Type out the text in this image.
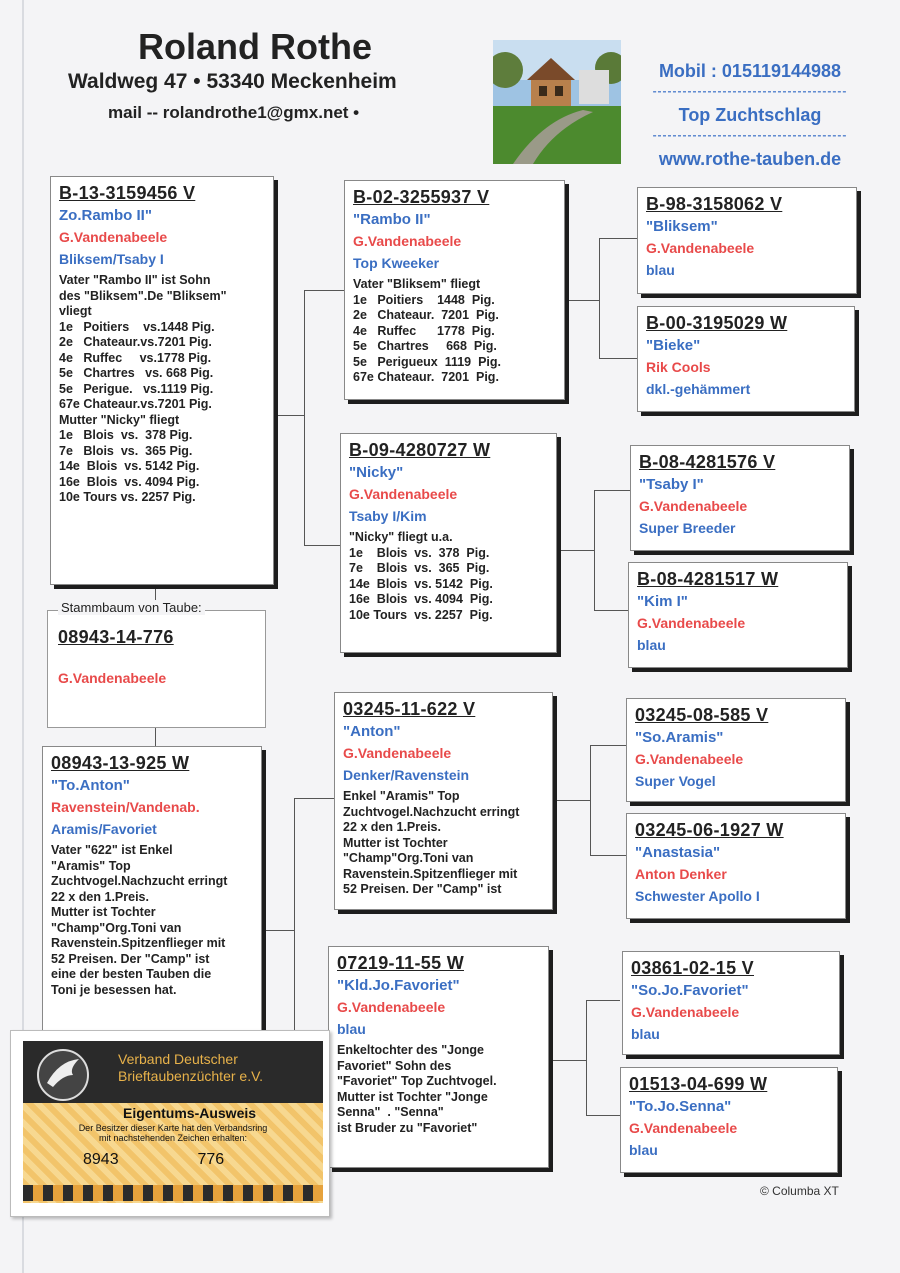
Roland Rothe
Waldweg 47 • 53340 Meckenheim
mail -- rolandrothe1@gmx.net •
Mobil : 015119144988
---------------------------------------
Top Zuchtschlag
---------------------------------------
www.rothe-tauben.de
B-13-3159456 V
Zo.Rambo II"
G.Vandenabeele
Bliksem/Tsaby I
Vater "Rambo II" ist Sohn
des "Bliksem".De "Bliksem"
vliegt
1e   Poitiers    vs.1448 Pig.
2e   Chateaur.vs.7201 Pig.
4e   Ruffec     vs.1778 Pig.
5e   Chartres   vs. 668 Pig.
5e   Perigue.   vs.1119 Pig.
67e Chateaur.vs.7201 Pig.
Mutter "Nicky" fliegt
1e   Blois  vs.  378 Pig.
7e   Blois  vs.  365 Pig.
14e  Blois  vs. 5142 Pig.
16e  Blois  vs. 4094 Pig.
10e Tours vs. 2257 Pig.
08943-14-776
G.Vandenabeele
Stammbaum von Taube:
08943-13-925 W
"To.Anton"
Ravenstein/Vandenab.
Aramis/Favoriet
Vater "622" ist Enkel
"Aramis" Top
Zuchtvogel.Nachzucht erringt
22 x den 1.Preis.
Mutter ist Tochter
"Champ"Org.Toni van
Ravenstein.Spitzenflieger mit
52 Preisen. Der "Camp" ist
eine der besten Tauben die
Toni je besessen hat.
B-02-3255937 V
"Rambo II"
G.Vandenabeele
Top Kweeker
Vater "Bliksem" fliegt
1e   Poitiers    1448  Pig.
2e   Chateaur.  7201  Pig.
4e   Ruffec      1778  Pig.
5e   Chartres     668  Pig.
5e   Perigueux  1119  Pig.
67e Chateaur.  7201  Pig.
B-09-4280727 W
"Nicky"
G.Vandenabeele
Tsaby I/Kim
"Nicky" fliegt u.a.
1e    Blois  vs.  378  Pig.
7e    Blois  vs.  365  Pig.
14e  Blois  vs. 5142  Pig.
16e  Blois  vs. 4094  Pig.
10e Tours  vs. 2257  Pig.
03245-11-622 V
"Anton"
G.Vandenabeele
Denker/Ravenstein
Enkel "Aramis" Top
Zuchtvogel.Nachzucht erringt
22 x den 1.Preis.
Mutter ist Tochter
"Champ"Org.Toni van
Ravenstein.Spitzenflieger mit
52 Preisen. Der "Camp" ist
07219-11-55 W
"Kld.Jo.Favoriet"
G.Vandenabeele
blau
Enkeltochter des "Jonge
Favoriet" Sohn des
"Favoriet" Top Zuchtvogel.
Mutter ist Tochter "Jonge
Senna"  . "Senna"
ist Bruder zu "Favoriet"
B-98-3158062 V
"Bliksem"
G.Vandenabeele
blau
B-00-3195029 W
"Bieke"
Rik Cools
dkl.-gehämmert
B-08-4281576 V
"Tsaby I"
G.Vandenabeele
Super Breeder
B-08-4281517 W
"Kim I"
G.Vandenabeele
blau
03245-08-585 V
"So.Aramis"
G.Vandenabeele
Super Vogel
03245-06-1927 W
"Anastasia"
Anton Denker
Schwester Apollo I
03861-02-15 V
"So.Jo.Favoriet"
G.Vandenabeele
blau
01513-04-699 W
"To.Jo.Senna"
G.Vandenabeele
blau
Verband Deutscher
Brieftaubenzüchter e.V.
Eigentums-Ausweis
Der Besitzer dieser Karte hat den Verbandsring
mit nachstehenden Zeichen erhalten:
8943	776
© Columba XT
